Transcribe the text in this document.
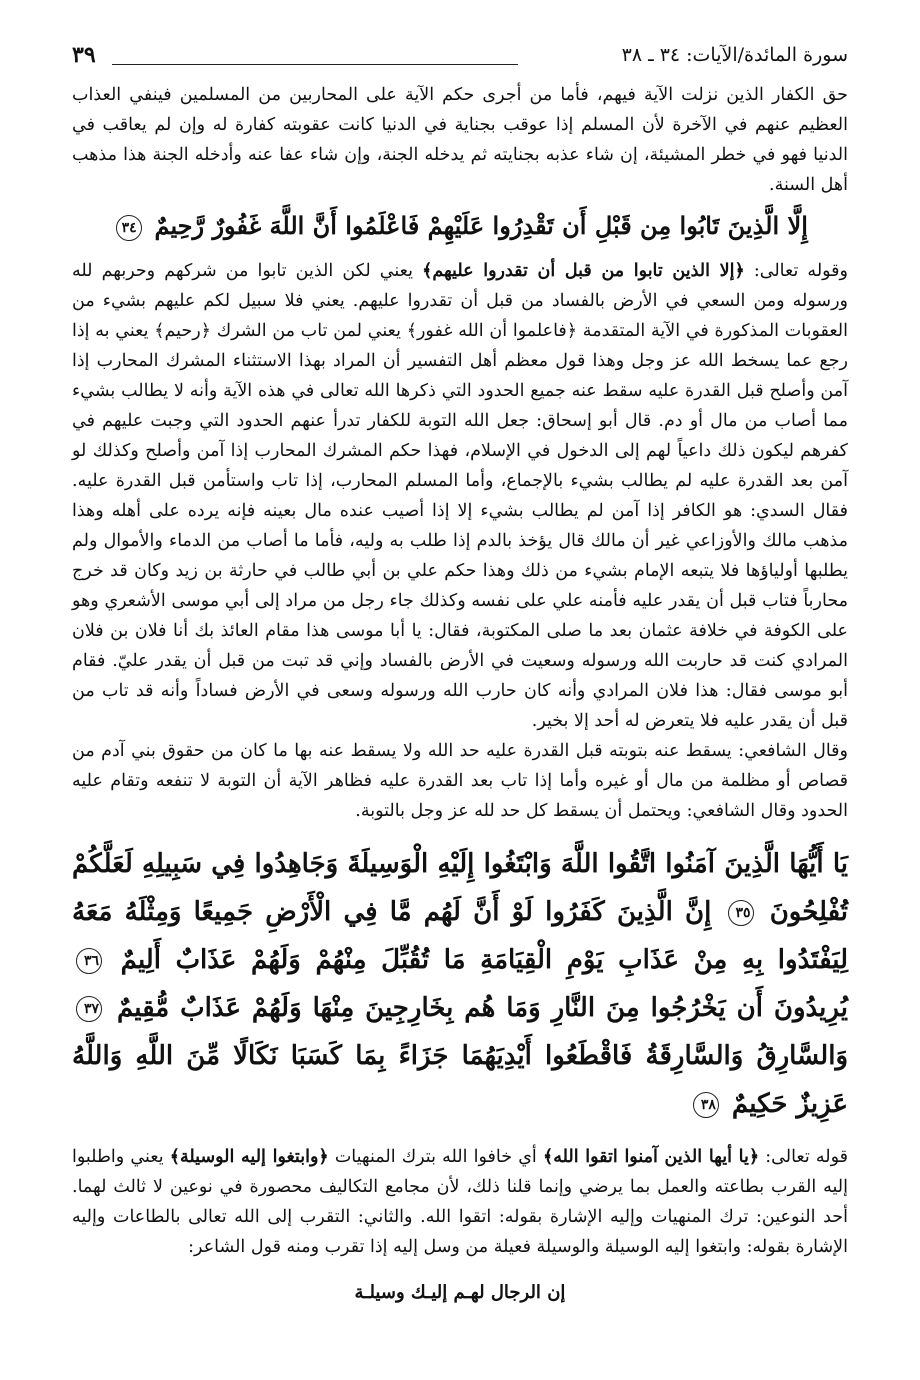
سورة المائدة/الآيات: ٣٤ ـ ٣٨
٣٩

حق الكفار الذين نزلت الآية فيهم، فأما من أجرى حكم الآية على المحاربين من المسلمين فينفي العذاب العظيم عنهم في الآخرة لأن المسلم إذا عوقب بجناية في الدنيا كانت عقوبته كفارة له وإن لم يعاقب في الدنيا فهو في خطر المشيئة، إن شاء عذبه بجنايته ثم يدخله الجنة، وإن شاء عفا عنه وأدخله الجنة هذا مذهب أهل السنة.

إِلَّا الَّذِينَ تَابُوا مِن قَبْلِ أَن تَقْدِرُوا عَلَيْهِمْ فَاعْلَمُوا أَنَّ اللَّهَ غَفُورٌ رَّحِيمٌ ٣٤

وقوله تعالى: ﴿إلا الذين تابوا من قبل أن تقدروا عليهم﴾ يعني لكن الذين تابوا من شركهم وحربهم لله ورسوله ومن السعي في الأرض بالفساد من قبل أن تقدروا عليهم. يعني فلا سبيل لكم عليهم بشيء من العقوبات المذكورة في الآية المتقدمة ﴿فاعلموا أن الله غفور﴾ يعني لمن تاب من الشرك ﴿رحيم﴾ يعني به إذا رجع عما يسخط الله عز وجل وهذا قول معظم أهل التفسير أن المراد بهذا الاستثناء المشرك المحارب إذا آمن وأصلح قبل القدرة عليه سقط عنه جميع الحدود التي ذكرها الله تعالى في هذه الآية وأنه لا يطالب بشيء مما أصاب من مال أو دم. قال أبو إسحاق: جعل الله التوبة للكفار تدرأ عنهم الحدود التي وجبت عليهم في كفرهم ليكون ذلك داعياً لهم إلى الدخول في الإسلام، فهذا حكم المشرك المحارب إذا آمن وأصلح وكذلك لو آمن بعد القدرة عليه لم يطالب بشيء بالإجماع، وأما المسلم المحارب، إذا تاب واستأمن قبل القدرة عليه. فقال السدي: هو الكافر إذا آمن لم يطالب بشيء إلا إذا أصيب عنده مال بعينه فإنه يرده على أهله وهذا مذهب مالك والأوزاعي غير أن مالك قال يؤخذ بالدم إذا طلب به وليه، فأما ما أصاب من الدماء والأموال ولم يطلبها أولياؤها فلا يتبعه الإمام بشيء من ذلك وهذا حكم علي بن أبي طالب في حارثة بن زيد وكان قد خرج محارباً فتاب قبل أن يقدر عليه فأمنه علي على نفسه وكذلك جاء رجل من مراد إلى أبي موسى الأشعري وهو على الكوفة في خلافة عثمان بعد ما صلى المكتوبة، فقال: يا أبا موسى هذا مقام العائذ بك أنا فلان بن فلان المرادي كنت قد حاربت الله ورسوله وسعيت في الأرض بالفساد وإني قد تبت من قبل أن يقدر عليّ. فقام أبو موسى فقال: هذا فلان المرادي وأنه كان حارب الله ورسوله وسعى في الأرض فساداً وأنه قد تاب من قبل أن يقدر عليه فلا يتعرض له أحد إلا بخير.

وقال الشافعي: يسقط عنه بتوبته قبل القدرة عليه حد الله ولا يسقط عنه بها ما كان من حقوق بني آدم من قصاص أو مظلمة من مال أو غيره وأما إذا تاب بعد القدرة عليه فظاهر الآية أن التوبة لا تنفعه وتقام عليه الحدود وقال الشافعي: ويحتمل أن يسقط كل حد لله عز وجل بالتوبة.

يَا أَيُّهَا الَّذِينَ آمَنُوا اتَّقُوا اللَّهَ وَابْتَغُوا إِلَيْهِ الْوَسِيلَةَ وَجَاهِدُوا فِي سَبِيلِهِ لَعَلَّكُمْ تُفْلِحُونَ ٣٥ إِنَّ الَّذِينَ كَفَرُوا لَوْ أَنَّ لَهُم مَّا فِي الْأَرْضِ جَمِيعًا وَمِثْلَهُ مَعَهُ لِيَفْتَدُوا بِهِ مِنْ عَذَابِ يَوْمِ الْقِيَامَةِ مَا تُقُبِّلَ مِنْهُمْ وَلَهُمْ عَذَابٌ أَلِيمٌ ٣٦ يُرِيدُونَ أَن يَخْرُجُوا مِنَ النَّارِ وَمَا هُم بِخَارِجِينَ مِنْهَا وَلَهُمْ عَذَابٌ مُّقِيمٌ ٣٧ وَالسَّارِقُ وَالسَّارِقَةُ فَاقْطَعُوا أَيْدِيَهُمَا جَزَاءً بِمَا كَسَبَا نَكَالًا مِّنَ اللَّهِ وَاللَّهُ عَزِيزٌ حَكِيمٌ ٣٨

قوله تعالى: ﴿يا أيها الذين آمنوا اتقوا الله﴾ أي خافوا الله بترك المنهيات ﴿وابتغوا إليه الوسيلة﴾ يعني واطلبوا إليه القرب بطاعته والعمل بما يرضي وإنما قلنا ذلك، لأن مجامع التكاليف محصورة في نوعين لا ثالث لهما. أحد النوعين: ترك المنهيات وإليه الإشارة بقوله: اتقوا الله. والثاني: التقرب إلى الله تعالى بالطاعات وإليه الإشارة بقوله: وابتغوا إليه الوسيلة والوسيلة فعيلة من وسل إليه إذا تقرب ومنه قول الشاعر:

إن الرجال لهـم إليـك وسيلـة
